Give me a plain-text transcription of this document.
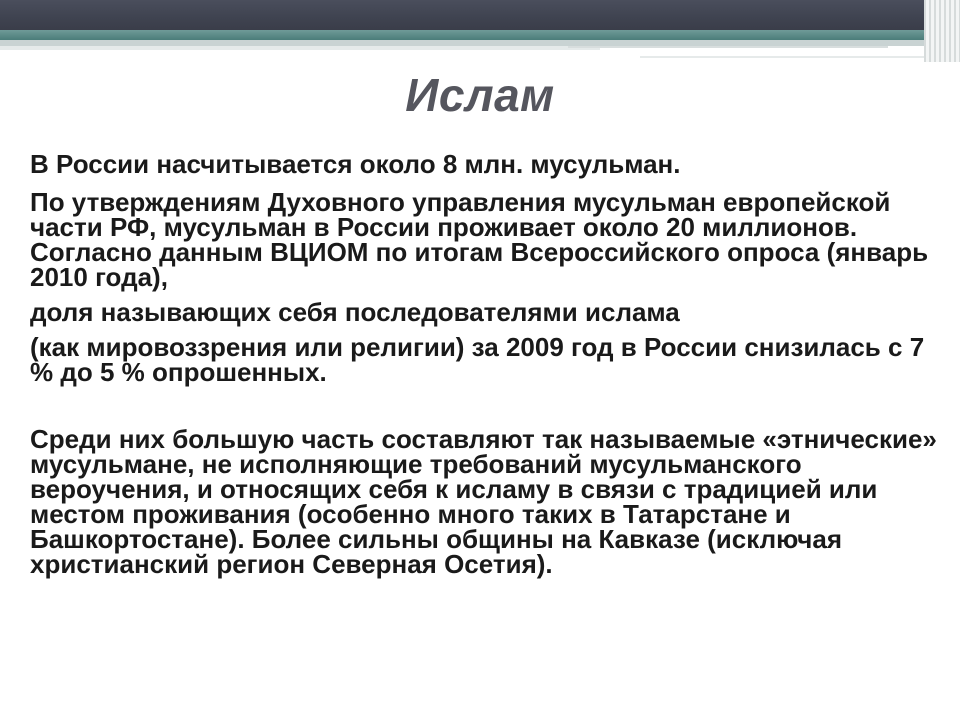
Ислам

В России насчитывается около 8 млн. мусульман.

По утверждениям Духовного управления мусульман европейской части РФ, мусульман в России проживает около 20 миллионов. Согласно данным ВЦИОМ по итогам Всероссийского опроса (январь 2010 года),

доля называющих себя последователями ислама

(как мировоззрения или религии) за 2009 год в России снизилась с 7 % до 5 % опрошенных.

Среди них большую часть составляют так называемые «этнические» мусульмане, не исполняющие требований мусульманского вероучения, и относящих себя к исламу в связи с традицией или местом проживания (особенно много таких в Татарстане и Башкортостане). Более сильны общины на Кавказе (исключая христианский регион Северная Осетия).
